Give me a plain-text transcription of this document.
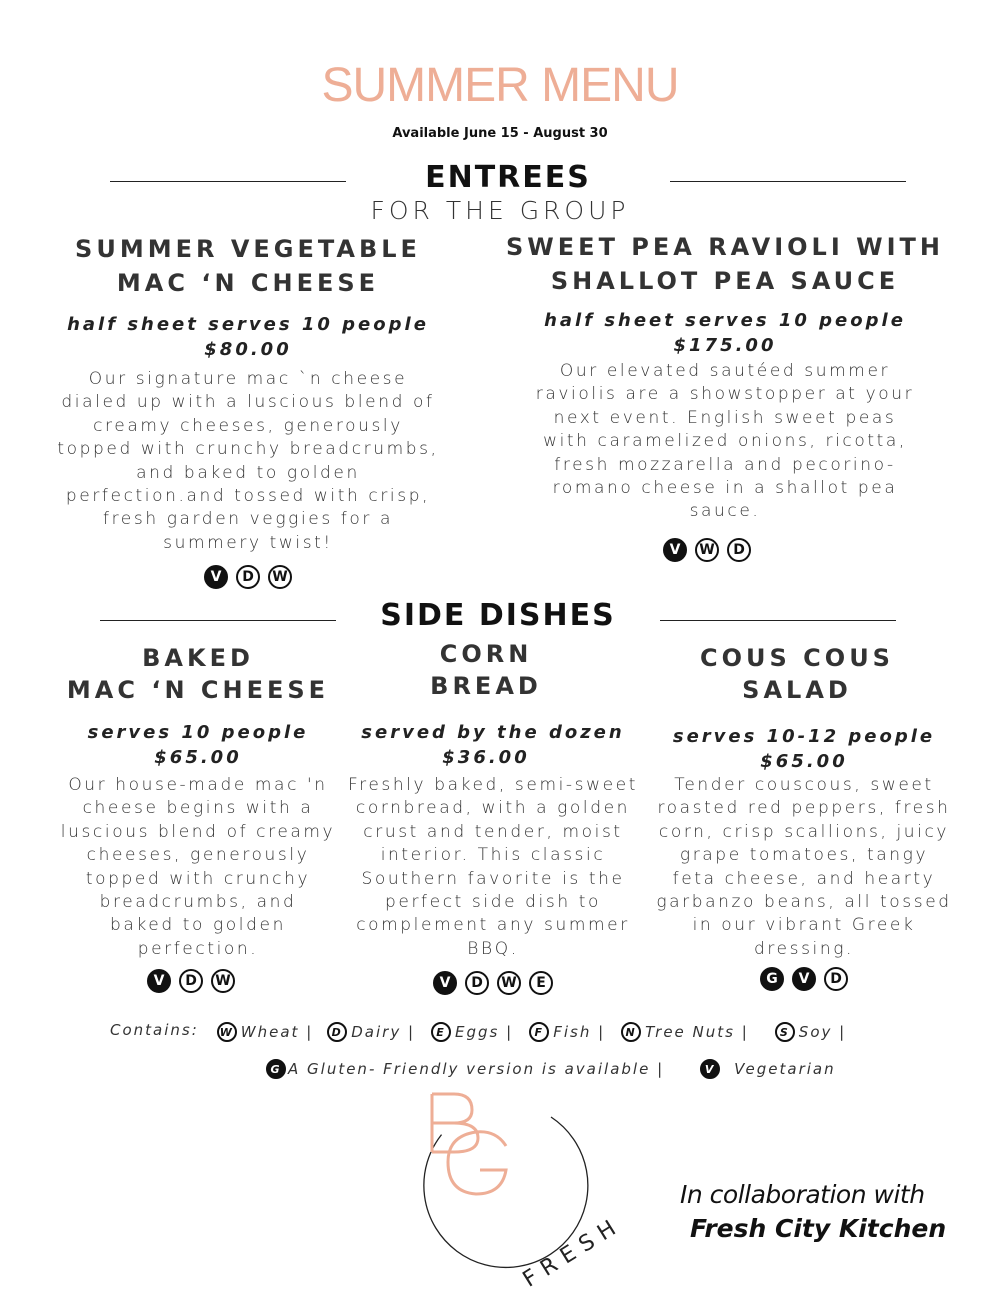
SUMMER MENU
Available June 15 - August 30
ENTREES
FOR THE GROUP
SUMMER VEGETABLE
MAC ‘N CHEESE
half sheet serves 10 people
$80.00
Our signature mac `n cheese
dialed up with a luscious blend of
creamy cheeses, generously
topped with crunchy breadcrumbs,
and baked to golden
perfection.and tossed with crisp,
fresh garden veggies for a
summery twist!
V	D	W
SWEET PEA RAVIOLI WITH
SHALLOT PEA SAUCE
half sheet serves 10 people
$175.00
Our elevated sautéed summer
raviolis are a showstopper at your
next event. English sweet peas
with caramelized onions, ricotta,
fresh mozzarella and pecorino-
romano cheese in a shallot pea
sauce.
V	W	D
SIDE DISHES
BAKED
MAC ‘N CHEESE
serves 10 people
$65.00
Our house-made mac 'n
cheese begins with a
luscious blend of creamy
cheeses, generously
topped with crunchy
breadcrumbs, and
baked to golden
perfection.
V	D	W
CORN
BREAD
served by the dozen
$36.00
Freshly baked, semi-sweet
cornbread, with a golden
crust and tender, moist
interior. This classic
Southern favorite is the
perfect side dish to
complement any summer
BBQ.
V	D	W	E
COUS COUS
SALAD
serves 10-12 people
$65.00
Tender couscous, sweet
roasted red peppers, fresh
corn, crisp scallions, juicy
grape tomatoes, tangy
feta cheese, and hearty
garbanzo beans, all tossed
in our vibrant Greek
dressing.
G	V	D
Contains: W Wheat |	D Dairy |	E Eggs |	F Fish |	N Tree Nuts |	S Soy |
G A Gluten- Friendly version is available |	V	Vegetarian
FRESH
In collaboration with
Fresh City Kitchen
